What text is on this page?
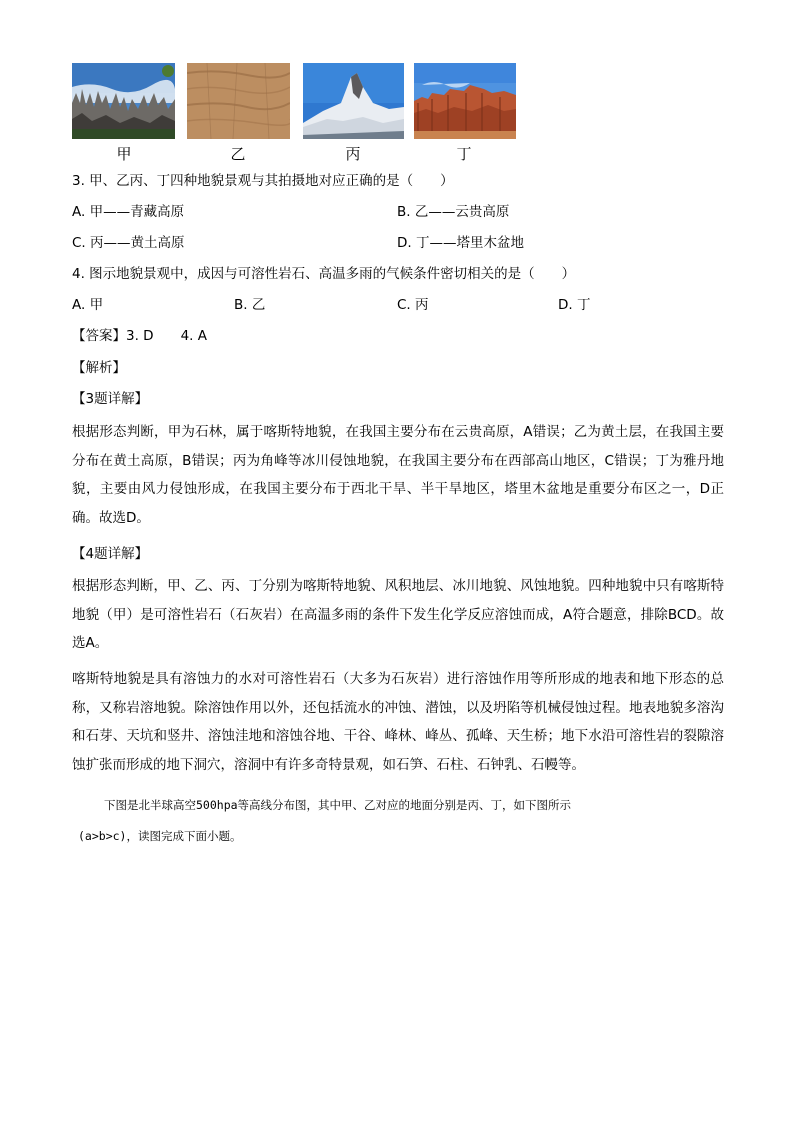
甲	乙	丙	丁
3. 甲、乙丙、丁四种地貌景观与其拍摄地对应正确的是（　　）
A. 甲——青藏高原	B. 乙——云贵高原
C. 丙——黄土高原	D. 丁——塔里木盆地
4. 图示地貌景观中，成因与可溶性岩石、高温多雨的气候条件密切相关的是（　　）
A. 甲	B. 乙	C. 丙	D. 丁
【答案】3. D　　4. A
【解析】
【3题详解】
根据形态判断，甲为石林，属于喀斯特地貌，在我国主要分布在云贵高原，A错误；乙为黄土层，在我国主要分布在黄土高原，B错误；丙为角峰等冰川侵蚀地貌，在我国主要分布在西部高山地区，C错误；丁为雅丹地貌，主要由风力侵蚀形成，在我国主要分布于西北干旱、半干旱地区，塔里木盆地是重要分布区之一，D正确。故选D。
【4题详解】
根据形态判断，甲、乙、丙、丁分别为喀斯特地貌、风积地层、冰川地貌、风蚀地貌。四种地貌中只有喀斯特地貌（甲）是可溶性岩石（石灰岩）在高温多雨的条件下发生化学反应溶蚀而成，A符合题意，排除BCD。故选A。
喀斯特地貌是具有溶蚀力的水对可溶性岩石（大多为石灰岩）进行溶蚀作用等所形成的地表和地下形态的总称，又称岩溶地貌。除溶蚀作用以外，还包括流水的冲蚀、潜蚀，以及坍陷等机械侵蚀过程。地表地貌多溶沟和石芽、天坑和竖井、溶蚀洼地和溶蚀谷地、干谷、峰林、峰丛、孤峰、天生桥；地下水沿可溶性岩的裂隙溶蚀扩张而形成的地下洞穴，溶洞中有许多奇特景观，如石笋、石柱、石钟乳、石幔等。
下图是北半球高空500hpa等高线分布图，其中甲、乙对应的地面分别是丙、丁，如下图所示
(a>b>c)，读图完成下面小题。
